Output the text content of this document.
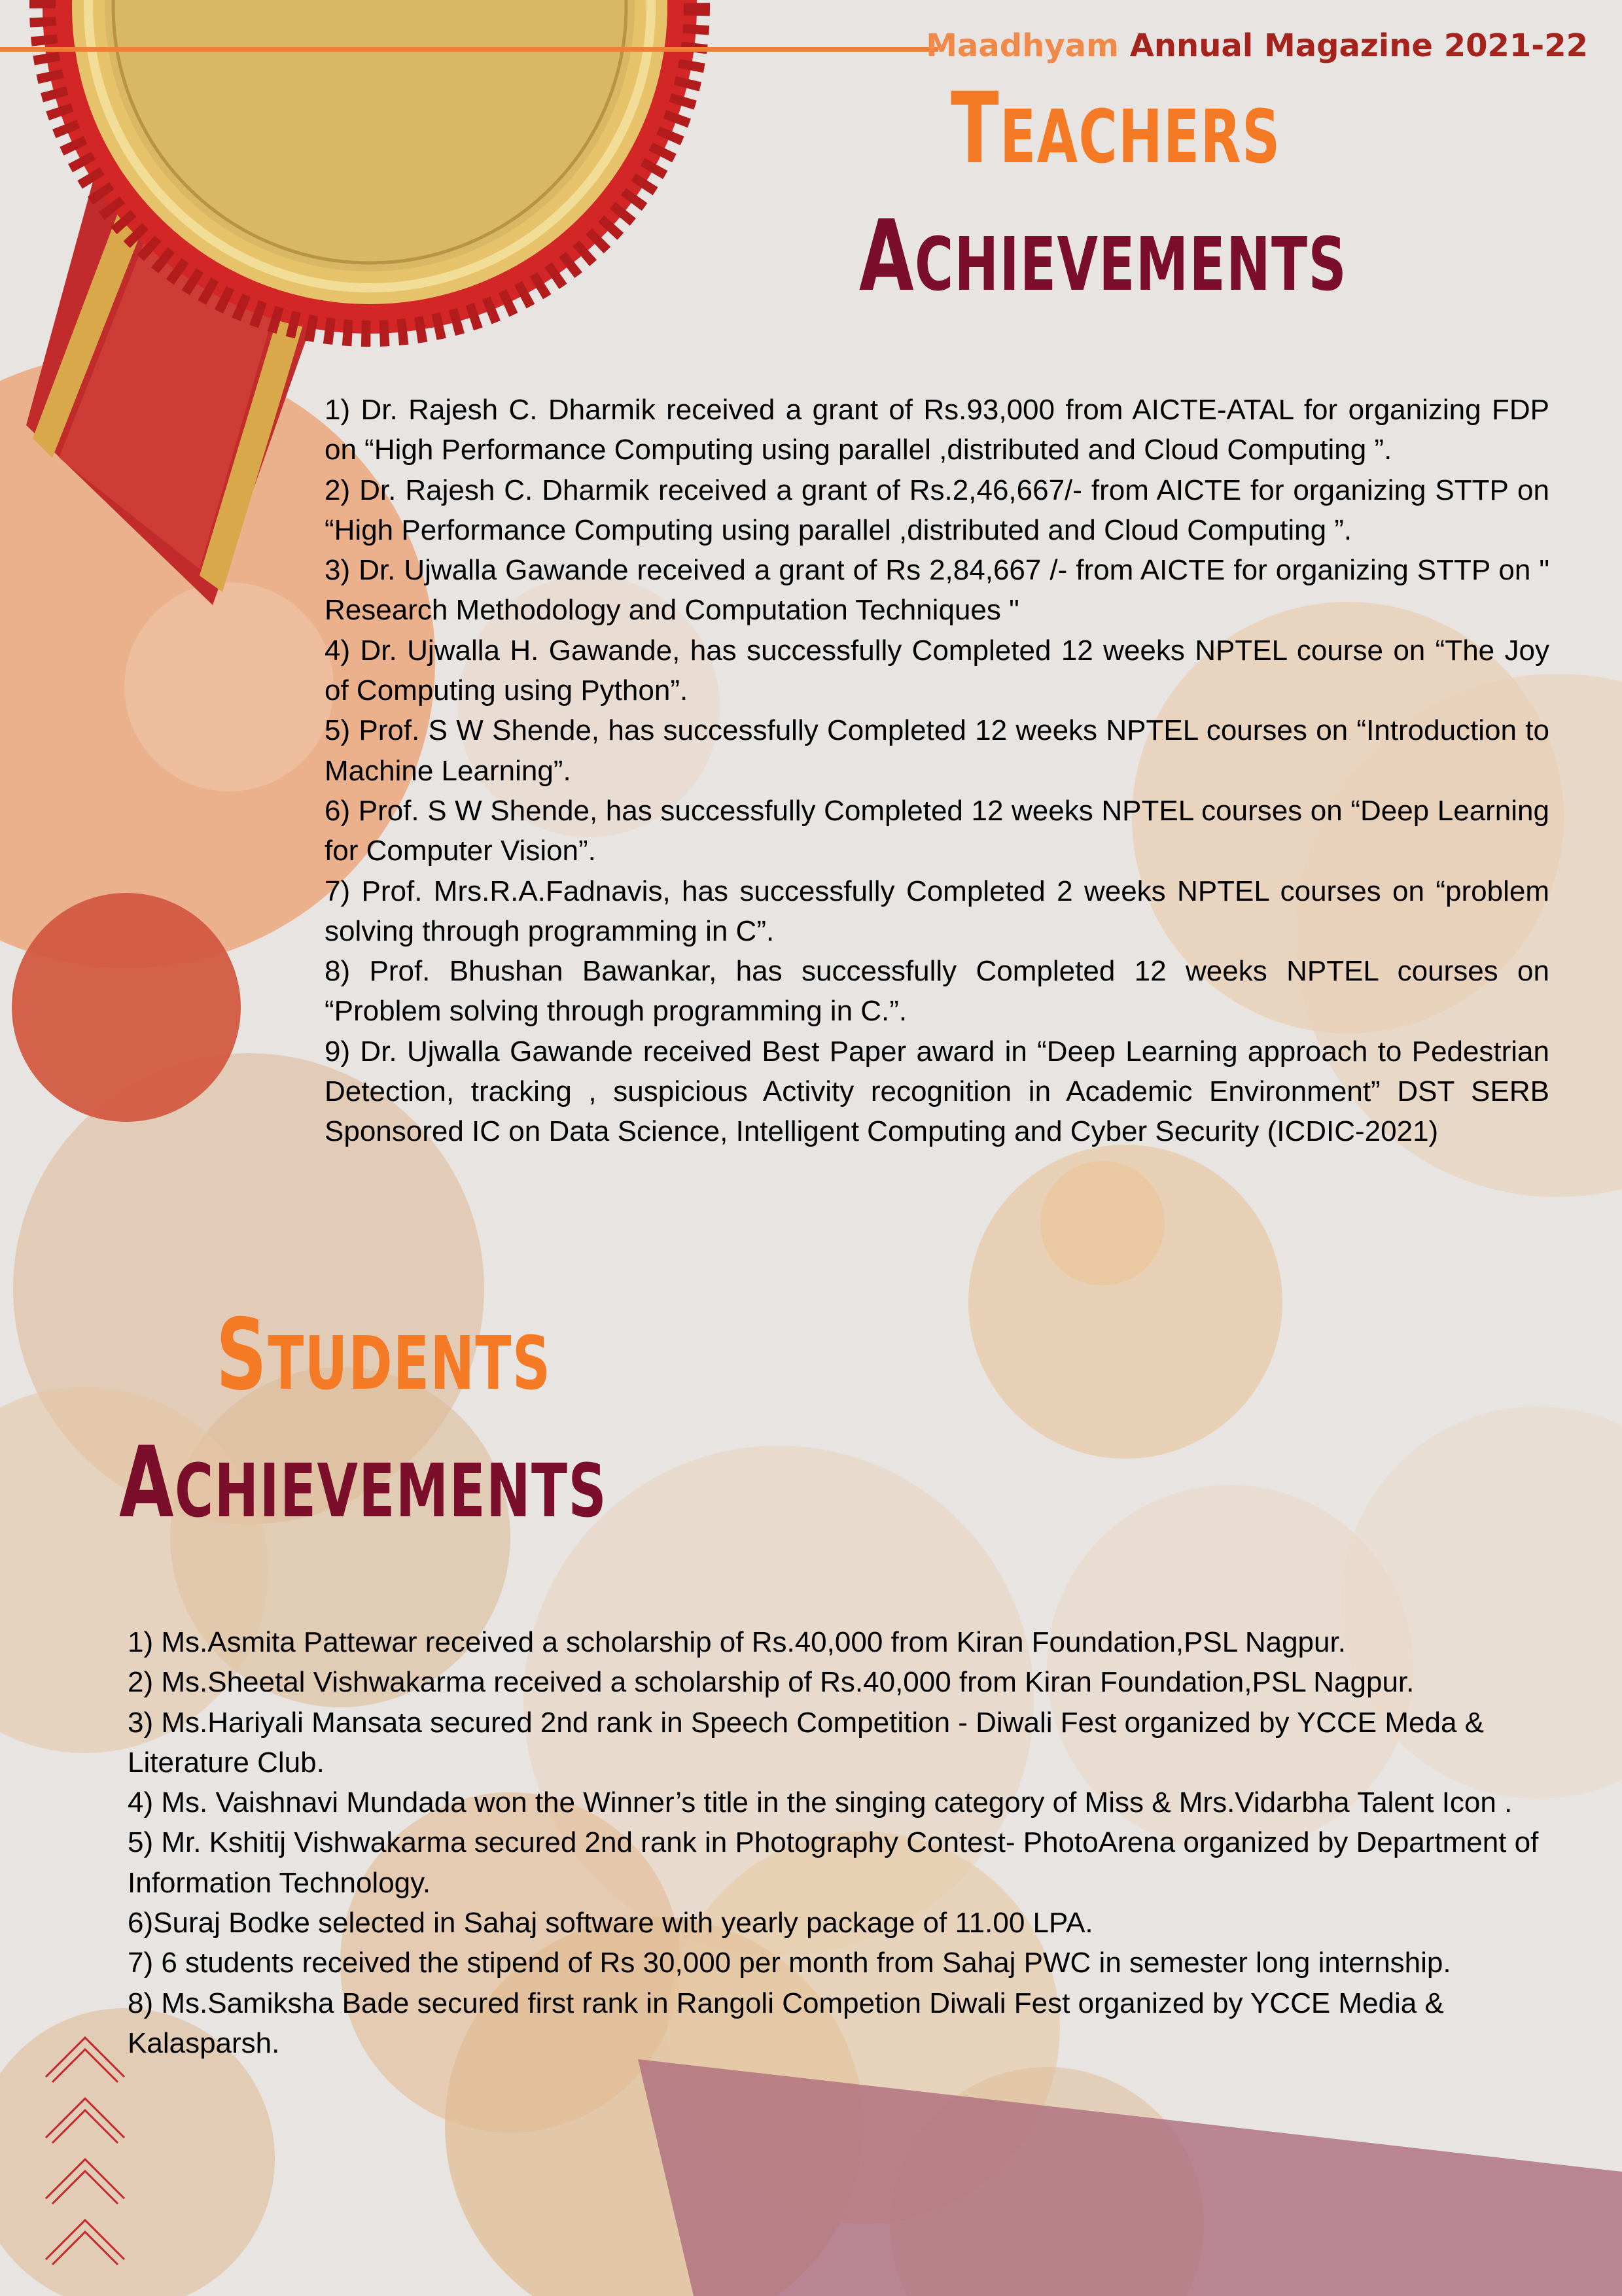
Maadhyam Annual Magazine 2021-22
TEACHERS
ACHIEVEMENTS

1) Dr. Rajesh C. Dharmik received a grant of Rs.93,000 from AICTE-ATAL for organizing FDP on “High Performance Computing using parallel ,distributed and Cloud Computing ”.

2) Dr. Rajesh C. Dharmik received a grant of Rs.2,46,667/- from AICTE for organizing STTP on “High Performance Computing using parallel ,distributed and Cloud Computing ”.

3) Dr. Ujwalla Gawande received a grant of Rs 2,84,667 /- from AICTE for organizing STTP on " Research Methodology and Computation Techniques "

4) Dr. Ujwalla H. Gawande, has successfully Completed 12 weeks NPTEL course on “The Joy of Computing using Python”.

5) Prof. S W Shende, has successfully Completed 12 weeks NPTEL courses on “Introduction to Machine Learning”.

6) Prof. S W Shende, has successfully Completed 12 weeks NPTEL courses on “Deep Learning for Computer Vision”.

7) Prof. Mrs.R.A.Fadnavis, has successfully Completed 2 weeks NPTEL courses on “problem solving through programming in C”.

8) Prof. Bhushan Bawankar, has successfully Completed 12 weeks NPTEL courses on “Problem solving through programming in C.”.

9) Dr. Ujwalla Gawande received Best Paper award in “Deep Learning approach to Pedestrian Detection, tracking , suspicious Activity recognition in Academic Environment” DST SERB Sponsored IC on Data Science, Intelligent Computing and Cyber Security (ICDIC-2021)

STUDENTS
ACHIEVEMENTS

1) Ms.Asmita Pattewar received a scholarship of Rs.40,000 from Kiran Foundation,PSL Nagpur.

2) Ms.Sheetal Vishwakarma received a scholarship of Rs.40,000 from Kiran Foundation,PSL Nagpur.

3) Ms.Hariyali Mansata secured 2nd rank in Speech Competition - Diwali Fest organized by YCCE Meda & Literature Club.

4) Ms. Vaishnavi Mundada won the Winner’s title in the singing category of Miss & Mrs.Vidarbha Talent Icon .

5) Mr. Kshitij Vishwakarma secured 2nd rank in Photography Contest- PhotoArena organized by Department of Information Technology.

6)Suraj Bodke selected in Sahaj software with yearly package of 11.00 LPA.

7) 6 students received the stipend of Rs 30,000 per month from Sahaj PWC in semester long internship.

8) Ms.Samiksha Bade secured first rank in Rangoli Competion Diwali Fest organized by YCCE Media & Kalasparsh.
